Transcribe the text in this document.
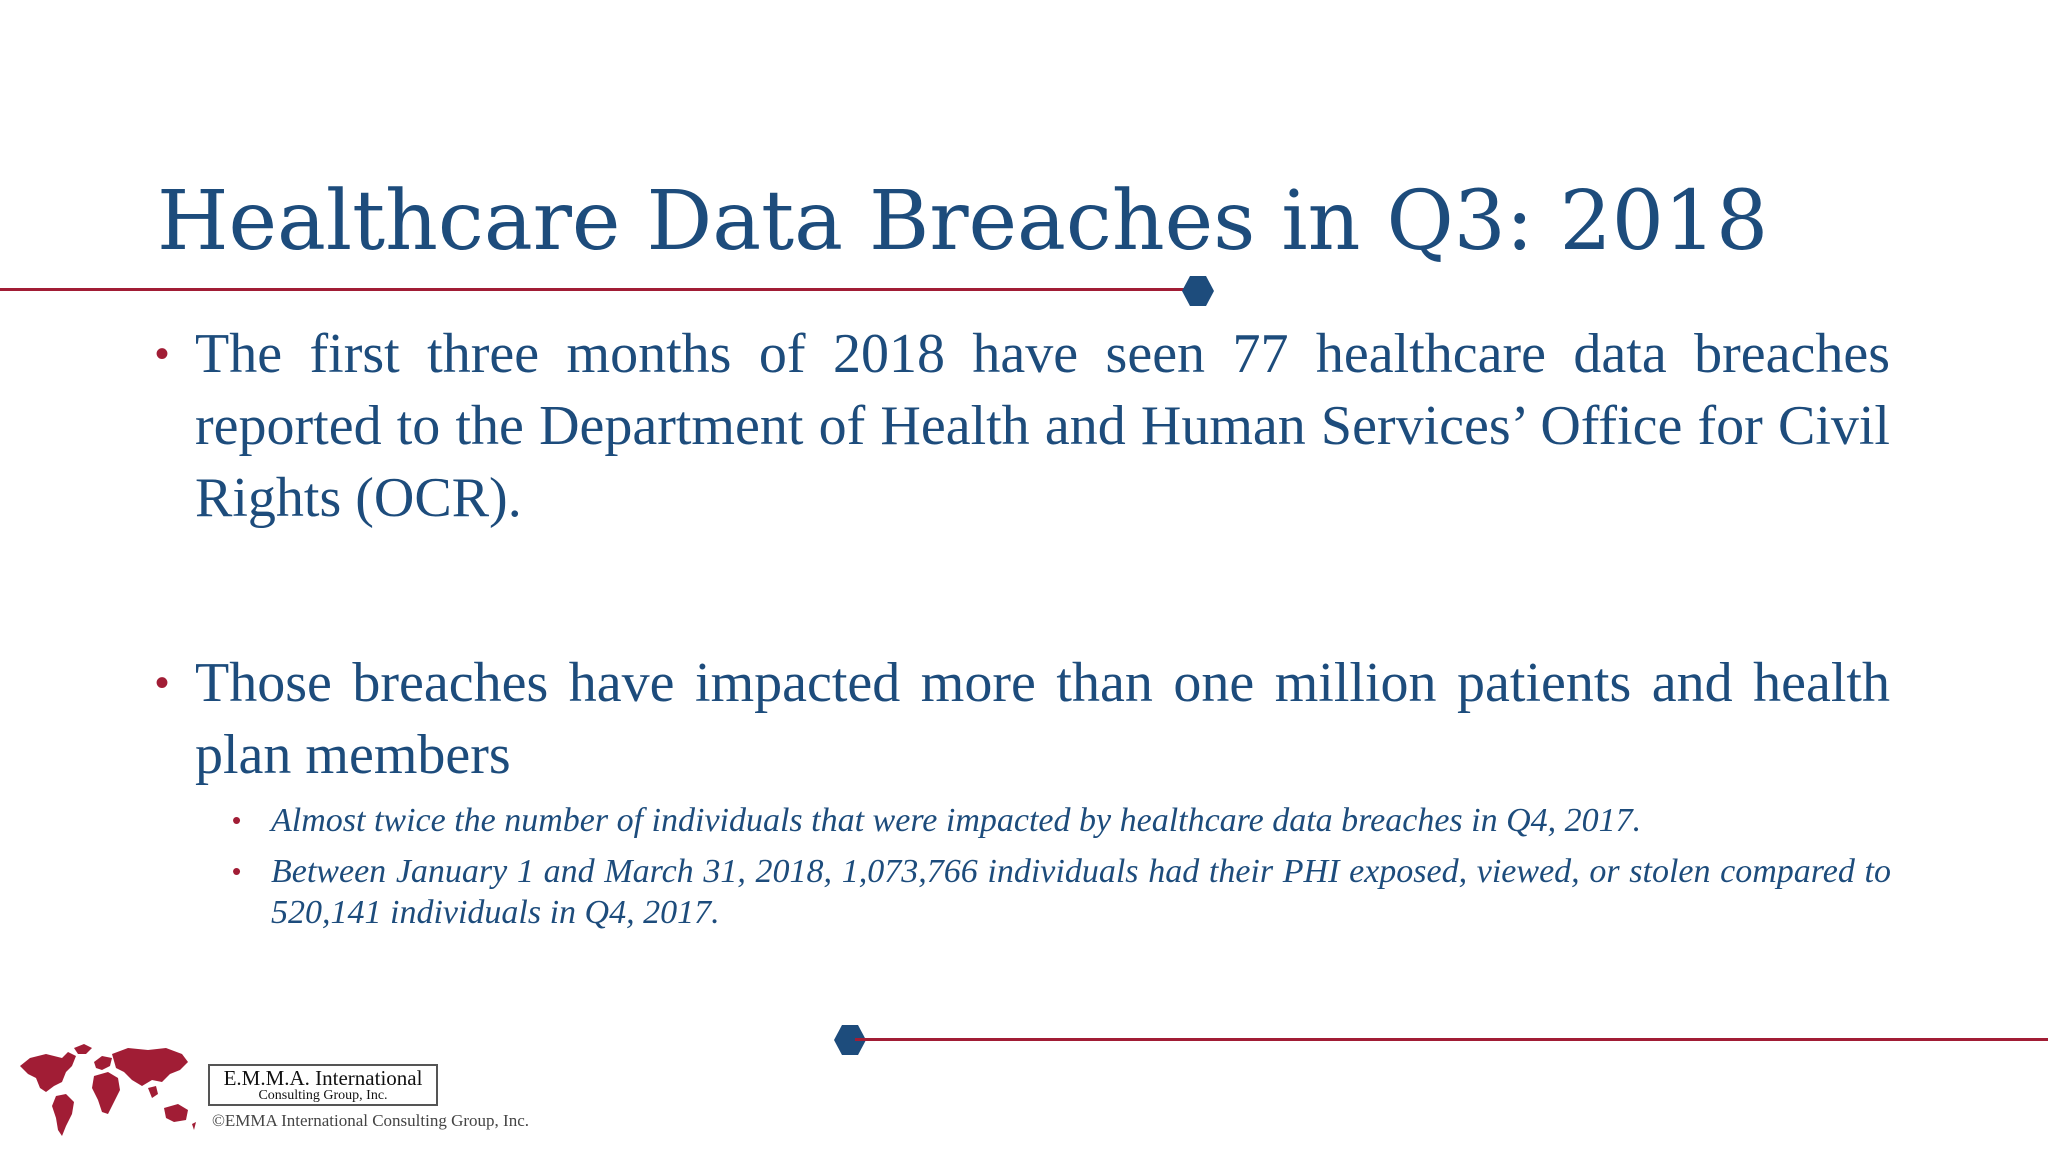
Healthcare Data Breaches in Q3: 2018
• The first three months of 2018 have seen 77 healthcare data breaches reported to the Department of Health and Human Services’ Office for Civil Rights (OCR).

• Those breaches have impacted more than one million patients and health plan members

• Almost twice the number of individuals that were impacted by healthcare data breaches in Q4, 2017.

• Between January 1 and March 31, 2018, 1,073,766 individuals had their PHI exposed, viewed, or stolen compared to 520,141 individuals in Q4, 2017.

E.M.M.A. International
Consulting Group, Inc.
©EMMA International Consulting Group, Inc.
